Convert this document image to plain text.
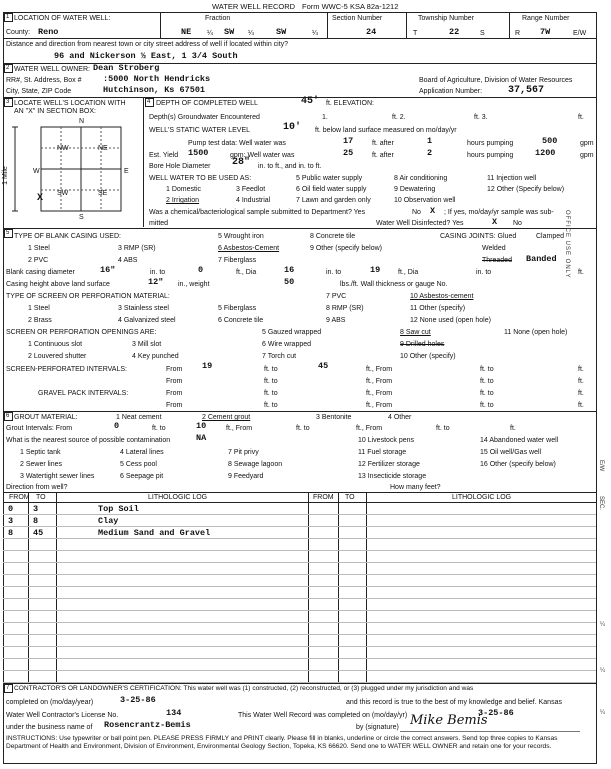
WATER WELL RECORD Form WWC-5 KSA 82a-1212
1 LOCATION OF WATER WELL:
County: Reno
Fraction
NE ¼ SW ¼	SW	¼
Section Number
24
Township Number
T	22	S
Range Number
R 7W	E/W
Distance and direction from nearest town or city street address of well if located within city?
96 and Nickerson ½ East, 1 3/4 South
2 WATER WELL OWNER: Dean Stroberg
RR#, St. Address, Box #	:5000 North Hendricks
City, State, ZIP Code	Hutchinson, Ks 67501
Board of Agriculture, Division of Water Resources
Application Number:	37,567
3 LOCATE WELL'S LOCATION WITH
AN "X" IN SECTION BOX:
N
S
W	E
NW	NE
SW	SE
X
1 Mile
4 DEPTH OF COMPLETED WELL	45' ft. ELEVATION:
Depth(s) Groundwater Encountered	1.	ft. 2.	ft. 3.	ft.
WELL'S STATIC WATER LEVEL	10' ft. below land surface measured on mo/day/yr
Pump test data: Well water was	17	ft. after	1	hours pumping	500	gpm
Est. Yield 1500	gpm: Well water was	25	ft. after	2	hours pumping	1200	gpm
Bore Hole Diameter 28" in. to ft., and in. to ft.
WELL WATER TO BE USED AS:
1 Domestic
2 Irrigation
3 Feedlot
4 Industrial
5 Public water supply
6 Oil field water supply
7 Lawn and garden only
8 Air conditioning
9 Dewatering
10 Observation well
11 Injection well
12 Other (Specify below)
Was a chemical/bacteriological sample submitted to Department? Yes	No X ; If yes, mo/day/yr sample was sub-
mitted	Water Well Disinfected? Yes	X No
5 TYPE OF BLANK CASING USED:
1 Steel
2 PVC
3 RMP (SR)
4 ABS
5 Wrought iron
6 Asbestos-Cement
7 Fiberglass
8 Concrete tile
9 Other (specify below)
CASING JOINTS: Glued	Clamped
Welded
Threaded Banded
Blank casing diameter	16"	in. to	0	ft., Dia	16	in. to	19	ft., Dia	in. to	ft.
Casing height above land surface	12" in., weight	50	lbs./ft. Wall thickness or gauge No.
TYPE OF SCREEN OR PERFORATION MATERIAL:
1 Steel
2 Brass
3 Stainless steel
4 Galvanized steel
5 Fiberglass
6 Concrete tile
7 PVC
8 RMP (SR)
9 ABS
10 Asbestos-cement
11 Other (specify)
12 None used (open hole)
SCREEN OR PERFORATION OPENINGS ARE:
1 Continuous slot
2 Louvered shutter
3 Mill slot
4 Key punched
5 Gauzed wrapped
6 Wire wrapped
7 Torch cut
8 Saw cut
9 Drilled holes
10 Other (specify)
11 None (open hole)
SCREEN-PERFORATED INTERVALS:	From 19	ft. to	45	ft., From	ft. to	ft.
From	ft. to	ft., From	ft. to	ft.
GRAVEL PACK INTERVALS:	From	ft. to	ft., From	ft. to	ft.
From	ft. to	ft., From	ft. to	ft.
6 GROUT MATERIAL:	1 Neat cement	2 Cement grout	3 Bentonite	4 Other
Grout Intervals: From	0	ft. to	10	ft., From	ft. to	ft., From	ft. to	ft.
What is the nearest source of possible contamination	NA
1 Septic tank
2 Sewer lines
3 Watertight sewer lines
4 Lateral lines
5 Cess pool
6 Seepage pit
7 Pit privy
8 Sewage lagoon
9 Feedyard
10 Livestock pens
11 Fuel storage
12 Fertilizer storage
13 Insecticide storage
14 Abandoned water well
15 Oil well/Gas well
16 Other (specify below)
Direction from well?	How many feet?
FROM TO	LITHOLOGIC LOG	FROM TO	LITHOLOGIC LOG
0 3	Top Soil
3 8	Clay
8 45	Medium Sand and Gravel
7 CONTRACTOR'S OR LANDOWNER'S CERTIFICATION: This water well was (1) constructed, (2) reconstructed, or (3) plugged under my jurisdiction and was
completed on (mo/day/year)	3-25-86	and this record is true to the best of my knowledge and belief. Kansas
Water Well Contractor's License No.	134	This Water Well Record was completed on (mo/day/yr)	3-25-86
under the business name of Rosencrantz-Bemis	by (signature) Mike Bemis
INSTRUCTIONS: Use typewriter or ball point pen. PLEASE PRESS FIRMLY and PRINT clearly. Please fill in blanks, underline or circle the correct answers. Send top three copies to Kansas Department of Health and Environment, Division of Environment, Environmental Geology Section, Topeka, KS 66620. Send one to WATER WELL OWNER and retain one for your records.
OFFICE USE ONLY
E/W
SEC.
¼
¼
¼
